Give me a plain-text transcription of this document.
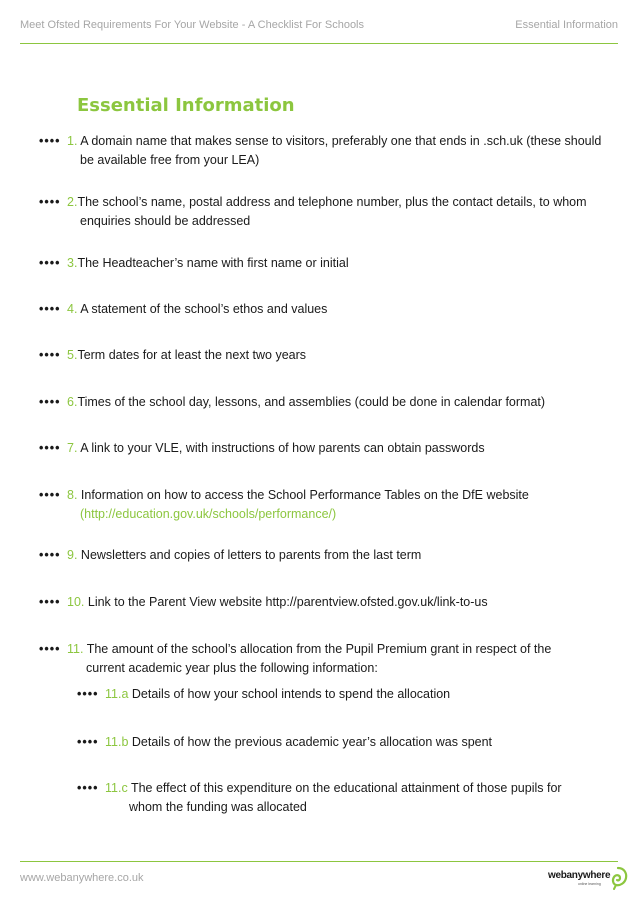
Meet Ofsted Requirements For Your Website - A Checklist For Schools	Essential Information
Essential Information
•••• 1. A domain name that makes sense to visitors, preferably one that ends in .sch.uk (these should
be available free from your LEA)
•••• 2.The school’s name, postal address and telephone number, plus the contact details, to whom
enquiries should be addressed
•••• 3.The Headteacher’s name with first name or initial
•••• 4. A statement of the school’s ethos and values
•••• 5.Term dates for at least the next two years
•••• 6.Times of the school day, lessons, and assemblies (could be done in calendar format)
•••• 7. A link to your VLE, with instructions of how parents can obtain passwords
•••• 8. Information on how to access the School Performance Tables on the DfE website
(http://education.gov.uk/schools/performance/)
•••• 9. Newsletters and copies of letters to parents from the last term
•••• 10. Link to the Parent View website http://parentview.ofsted.gov.uk/link-to-us
•••• 11. The amount of the school’s allocation from the Pupil Premium grant in respect of the
current academic year plus the following information:
•••• 11.a Details of how your school intends to spend the allocation
•••• 11.b Details of how the previous academic year’s allocation was spent
•••• 11.c The effect of this expenditure on the educational attainment of those pupils for
whom the funding was allocated
www.webanywhere.co.uk	webanywhere
online learning
